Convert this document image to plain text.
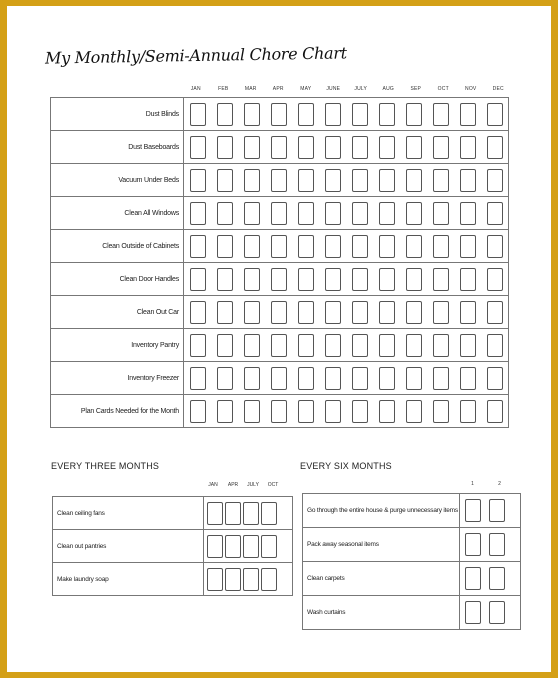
My Monthly/Semi-Annual Chore Chart
JAN	FEB	MAR	APR	MAY	JUNE	JULY	AUG	SEP	OCT	NOV	DEC
Dust Blinds												
Dust Baseboards												
Vacuum Under Beds												
Clean All Windows												
Clean Outside of Cabinets												
Clean Door Handles												
Clean Out Car												
Inventory Pantry												
Inventory Freezer												
Plan Cards Needed for the Month												
EVERY THREE MONTHS
JAN	APR	JULY	OCT
Clean ceiling fans	
Clean out pantries	
Make laundry soap	
EVERY SIX MONTHS
1	2
Go through the entire house & purge unnecessary items	
Pack away seasonal items	
Clean carpets	
Wash curtains	
